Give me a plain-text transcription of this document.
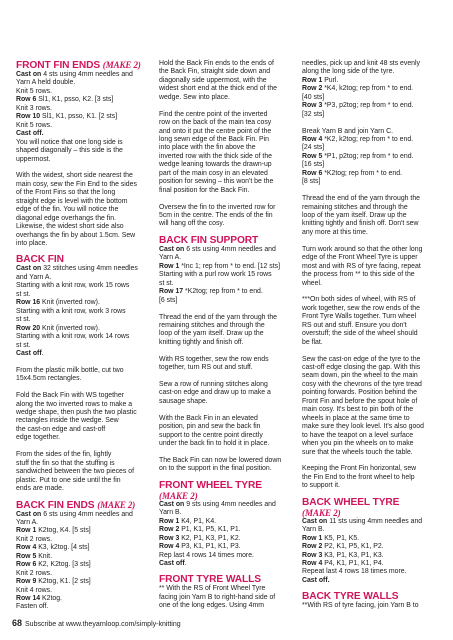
FRONT FIN ENDS (MAKE 2)

Cast on 4 sts using 4mm needles and

Yarn A held double.

Knit 5 rows.

Row 6 Sl1, K1, psso, K2. [3 sts]

Knit 3 rows.

Row 10 Sl1, K1, psso, K1. [2 sts]

Knit 5 rows.

Cast off.

You will notice that one long side is
shaped diagonally – this side is the
uppermost.

With the widest, short side nearest the
main cosy, sew the Fin End to the sides
of the Front Fins so that the long
straight edge is level with the bottom
edge of the fin. You will notice the
diagonal edge overhangs the fin.
Likewise, the widest short side also
overhangs the fin by about 1.5cm. Sew
into place.

BACK FIN

Cast on 32 stitches using 4mm needles

and Yarn A.

Starting with a knit row, work 15 rows

st st.

Row 16 Knit (inverted row).

Starting with a knit row, work 3 rows

st st.

Row 20 Knit (inverted row).

Starting with a knit row, work 14 rows

st st.

Cast off.

From the plastic milk bottle, cut two
15x4.5cm rectangles.

Fold the Back Fin with WS together
along the two inverted rows to make a
wedge shape, then push the two plastic
rectangles inside the wedge. Sew
the cast-on edge and cast-off
edge together.

From the sides of the fin, lightly
stuff the fin so that the stuffing is
sandwiched between the two pieces of
plastic. Put to one side until the fin
ends are made.

BACK FIN ENDS (MAKE 2)

Cast on 6 sts using 4mm needles and

Yarn A.

Row 1 K2tog, K4. [5 sts]

Knit 2 rows.

Row 4 K3, k2tog. [4 sts]

Row 5 Knit.

Row 6 K2, K2tog. [3 sts]

Knit 2 rows.

Row 9 K2tog, K1. [2 sts]

Knit 4 rows.

Row 14 K2tog.

Fasten off.

Hold the Back Fin ends to the ends of
the Back Fin, straight side down and
diagonally side uppermost, with the
widest short end at the thick end of the
wedge. Sew into place.

Find the centre point of the inverted
row on the back of the main tea cosy
and onto it put the centre point of the
long sewn edge of the Back Fin. Pin
into place with the fin above the
inverted row with the thick side of the
wedge leaning towards the drawn-up
part of the main cosy in an elevated
position for sewing – this won't be the
final position for the Back Fin.

Oversew the fin to the inverted row for
5cm in the centre. The ends of the fin
will hang off the cosy.

BACK FIN SUPPORT

Cast on 6 sts using 4mm needles and

Yarn A.

Row 1 *Inc 1; rep from * to end. [12 sts]

Starting with a purl row work 15 rows

st st.

Row 17 *K2tog; rep from * to end.

[6 sts]

Thread the end of the yarn through the
remaining stitches and through the
loop of the yarn itself. Draw up the
knitting tightly and finish off.

With RS together, sew the row ends
together, turn RS out and stuff.

Sew a row of running stitches along
cast-on edge and draw up to make a
sausage shape.

With the Back Fin in an elevated
position, pin and sew the back fin
support to the centre point directly
under the back fin to hold it in place.

The Back Fin can now be lowered down
on to the support in the final position.

FRONT WHEEL TYRE
(MAKE 2)

Cast on 9 sts using 4mm needles and

Yarn B.

Row 1 K4, P1, K4.

Row 2 P1, K1, P5, K1, P1.

Row 3 K2, P1, K3, P1, K2.

Row 4 P3, K1, P1, K1, P3.

Rep last 4 rows 14 times more.

Cast off.

FRONT TYRE WALLS

** With the RS of Front Wheel Tyre
facing join Yarn B to right-hand side of
one of the long edges. Using 4mm

needles, pick up and knit 48 sts evenly
along the long side of the tyre.

Row 1 Purl.

Row 2 *K4, k2tog; rep from * to end.

[40 sts]

Row 3 *P3, p2tog; rep from * to end.

[32 sts]

Break Yarn B and join Yarn C.

Row 4 *K2, k2tog; rep from * to end.

[24 sts]

Row 5 *P1, p2tog; rep from * to end.

[16 sts]

Row 6 *K2tog; rep from * to end.

[8 sts]

Thread the end of the yarn through the
remaining stitches and through the
loop of the yarn itself. Draw up the
knitting tightly and finish off. Don't sew
any more at this time.

Turn work around so that the other long
edge of the Front Wheel Tyre is upper
most and with RS of tyre facing, repeat
the process from ** to this side of the
wheel.

***On both sides of wheel, with RS of
work together, sew the row ends of the
Front Tyre Walls together. Turn wheel
RS out and stuff. Ensure you don't
overstuff; the side of the wheel should
be flat.

Sew the cast-on edge of the tyre to the
cast-off edge closing the gap. With this
seam down, pin the wheel to the main
cosy with the chevrons of the tyre tread
pointing forwards. Position behind the
Front Fin and before the spout hole of
main cosy. It's best to pin both of the
wheels in place at the same time to
make sure they look level. It's also good
to have the teapot on a level surface
when you pin the wheels on to make
sure that the wheels touch the table.

Keeping the Front Fin horizontal, sew
the Fin End to the front wheel to help
to support it.

BACK WHEEL TYRE
(MAKE 2)

Cast on 11 sts using 4mm needles and

Yarn B.

Row 1 K5, P1, K5.

Row 2 P2, K1, P5, K1, P2.

Row 3 K3, P1, K3, P1, K3.

Row 4 P4, K1, P1, K1, P4.

Repeat last 4 rows 18 times more.

Cast off.

BACK TYRE WALLS

**With RS of tyre facing, join Yarn B to

68 Subscribe at www.theyarnloop.com/simply-knitting
